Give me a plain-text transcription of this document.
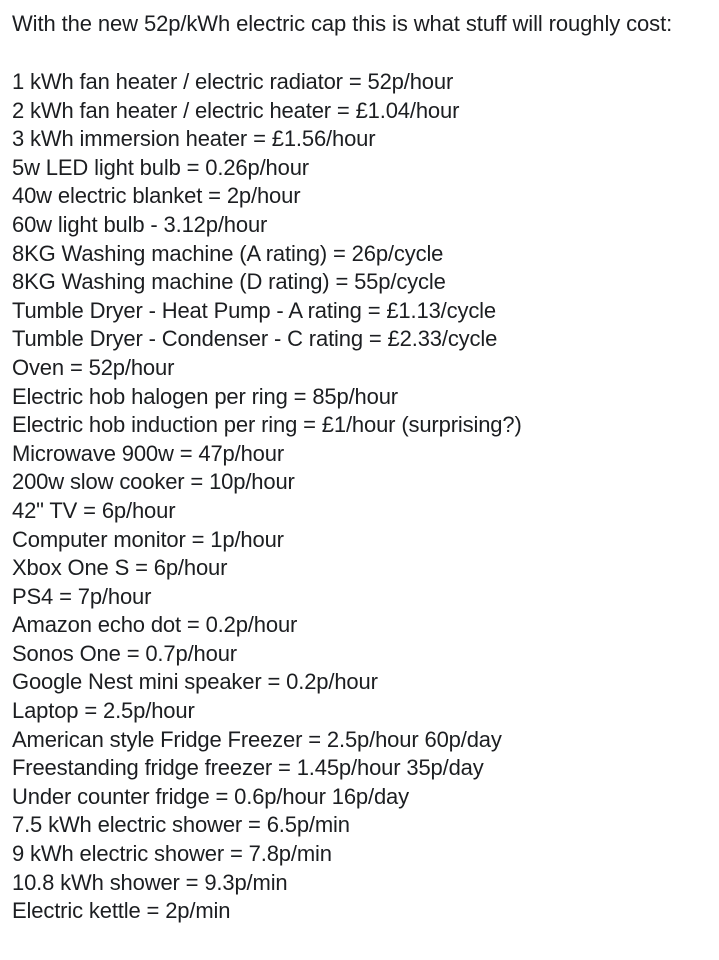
With the new 52p/kWh electric cap this is what stuff will roughly cost:

1 kWh fan heater / electric radiator = 52p/hour
2 kWh fan heater / electric heater = £1.04/hour
3 kWh immersion heater = £1.56/hour
5w LED light bulb = 0.26p/hour
40w electric blanket = 2p/hour
60w light bulb - 3.12p/hour
8KG Washing machine (A rating) = 26p/cycle
8KG Washing machine (D rating) = 55p/cycle
Tumble Dryer - Heat Pump - A rating = £1.13/cycle
Tumble Dryer - Condenser - C rating = £2.33/cycle
Oven = 52p/hour
Electric hob halogen per ring = 85p/hour
Electric hob induction per ring = £1/hour (surprising?)
Microwave 900w = 47p/hour
200w slow cooker = 10p/hour
42" TV = 6p/hour
Computer monitor = 1p/hour
Xbox One S = 6p/hour
PS4 = 7p/hour
Amazon echo dot = 0.2p/hour
Sonos One = 0.7p/hour
Google Nest mini speaker = 0.2p/hour
Laptop = 2.5p/hour
American style Fridge Freezer = 2.5p/hour 60p/day
Freestanding fridge freezer = 1.45p/hour 35p/day
Under counter fridge = 0.6p/hour 16p/day
7.5 kWh electric shower = 6.5p/min
9 kWh electric shower = 7.8p/min
10.8 kWh shower = 9.3p/min
Electric kettle = 2p/min
